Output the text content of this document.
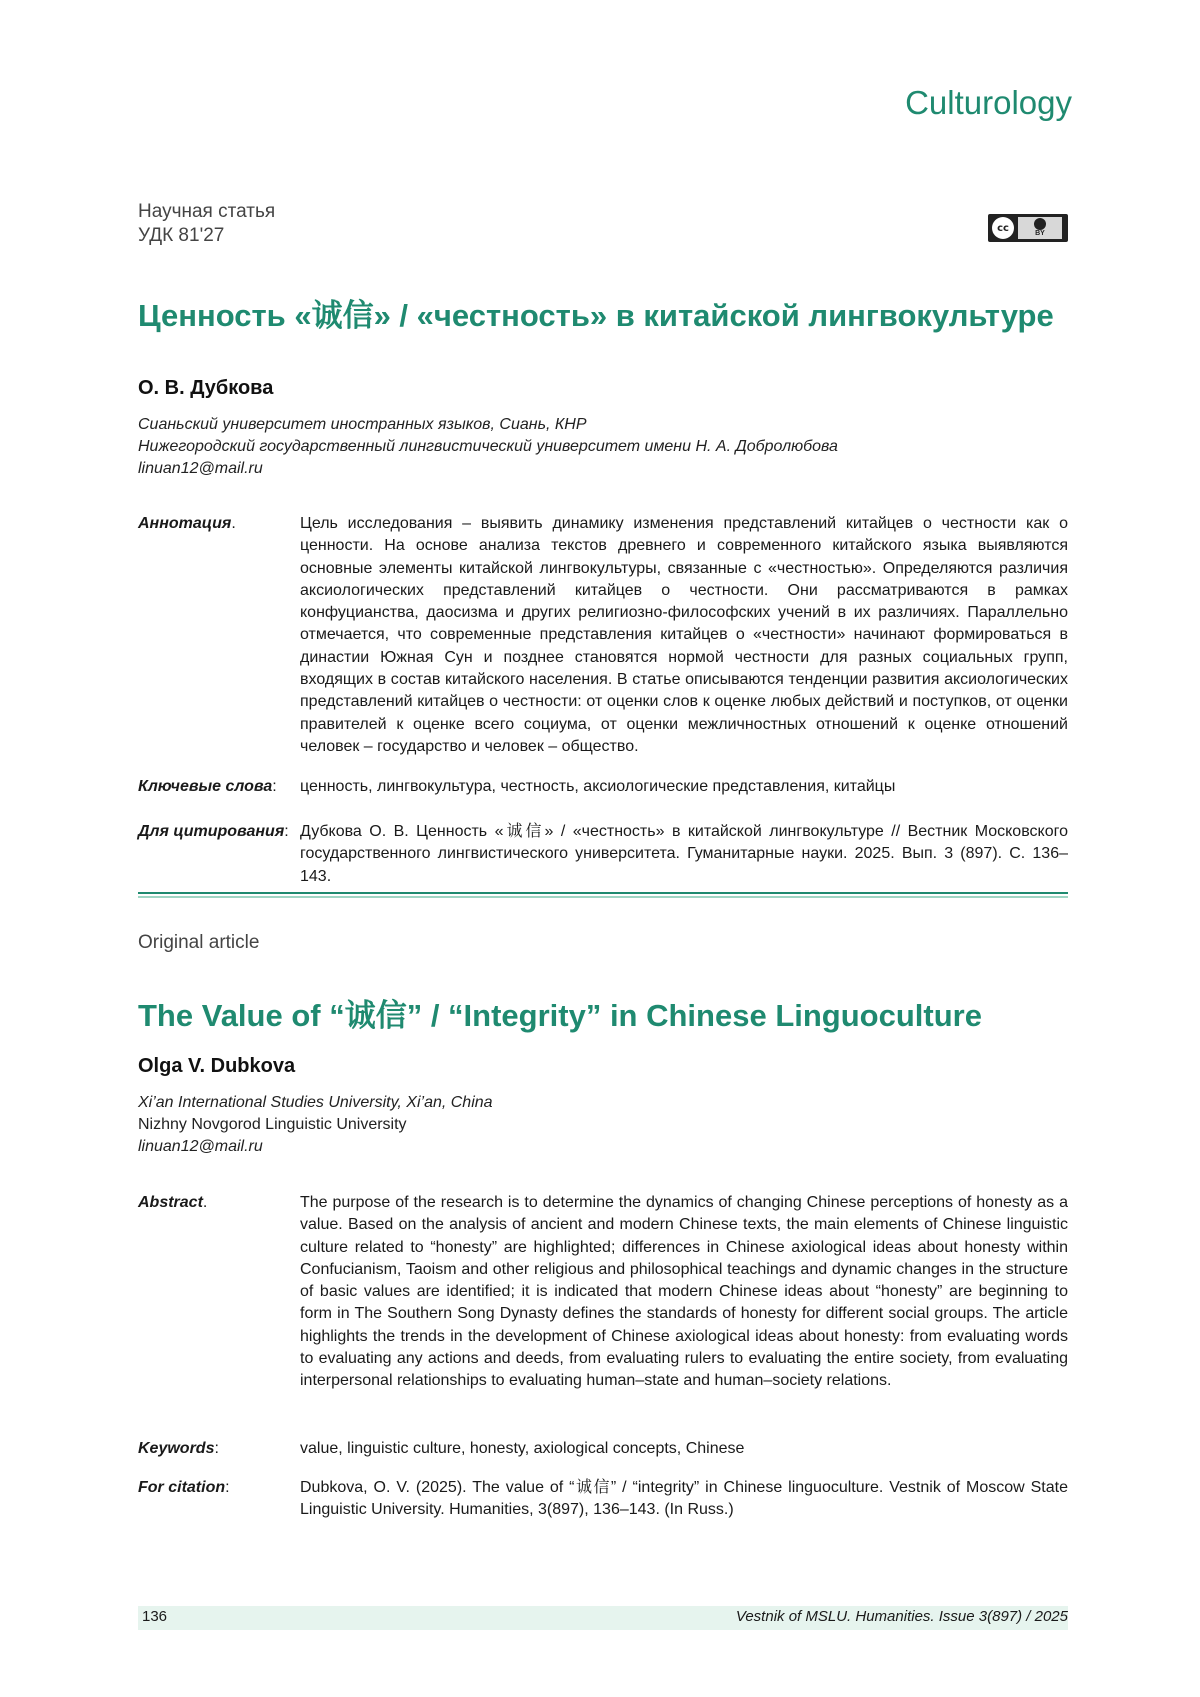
Culturology
Научная статья
УДК 81'27	cc	BY
Ценность «诚信» / «честность» в китайской лингвокультуре
О. В. Дубкова
Сианьский университет иностранных языков, Сиань, КНР
Нижегородский государственный лингвистический университет имени Н. А. Добролюбова
linuan12@mail.ru
Аннотация.	Цель исследования – выявить динамику изменения представлений китайцев о честности как о ценности. На основе анализа текстов древнего и современного китайского языка выявляются основные элементы китайской лингвокультуры, связанные с «честностью». Определяются различия аксиологических представлений китайцев о честности. Они рассматриваются в рамках конфуцианства, даосизма и других религиозно-философских учений в их различиях. Параллельно отмечается, что современные представления китайцев о «честности» начинают формироваться в династии Южная Сун и позднее становятся нормой честности для разных социальных групп, входящих в состав китайского населения. В статье описываются тенденции развития аксиологических представлений китайцев о честности: от оценки слов к оценке любых действий и поступков, от оценки правителей к оценке всего социума, от оценки межличностных отношений к оценке отношений человек – государство и человек – общество.
Ключевые слова:	ценность, лингвокультура, честность, аксиологические представления, китайцы
Для цитирования: Дубкова О. В. Ценность «诚信» / «честность» в китайской лингвокультуре // Вестник Московского государственного лингвистического университета. Гуманитарные науки. 2025. Вып. 3 (897). С. 136–143.
Original article
The Value of “诚信” / “Integrity” in Chinese Linguoculture
Olga V. Dubkova
Xi’an International Studies University, Xi’an, China
Nizhny Novgorod Linguistic University
linuan12@mail.ru
Abstract.	The purpose of the research is to determine the dynamics of changing Chinese perceptions of honesty as a value. Based on the analysis of ancient and modern Chinese texts, the main elements of Chinese linguistic culture related to “honesty” are highlighted; differences in Chinese axiological ideas about honesty within Confucianism, Taoism and other religious and philosophical teachings and dynamic changes in the structure of basic values are identified; it is indicated that modern Chinese ideas about “honesty” are beginning to form in The Southern Song Dynasty defines the standards of honesty for different social groups. The article highlights the trends in the development of Chinese axiological ideas about honesty: from evaluating words to evaluating any actions and deeds, from evaluating rulers to evaluating the entire society, from evaluating interpersonal relationships to evaluating human–state and human–society relations.
Keywords:	value, linguistic culture, honesty, axiological concepts, Chinese
For citation:	Dubkova, O. V. (2025). The value of “诚信” / “integrity” in Chinese linguoculture. Vestnik of Moscow State Linguistic University. Humanities, 3(897), 136–143. (In Russ.)
136	Vestnik of MSLU. Humanities. Issue 3(897) / 2025
